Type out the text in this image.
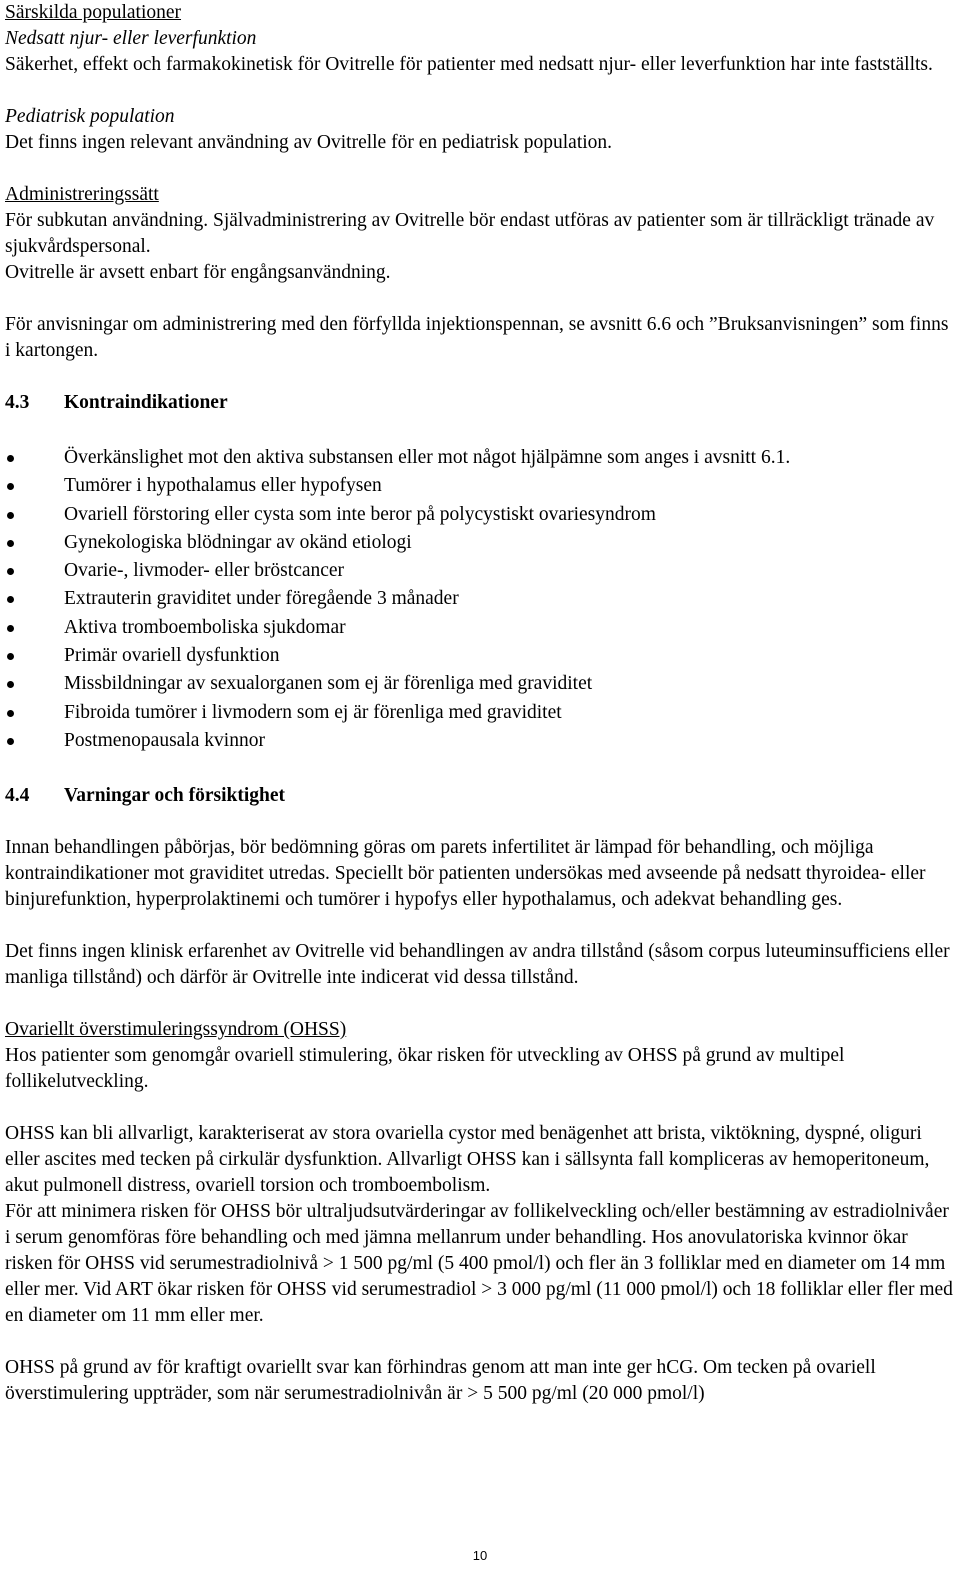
Särskilda populationer

Nedsatt njur- eller leverfunktion

Säkerhet, effekt och farmakokinetisk för Ovitrelle för patienter med nedsatt njur- eller leverfunktion har inte fastställts.

Pediatrisk population

Det finns ingen relevant användning av Ovitrelle för en pediatrisk population.

Administreringssätt

För subkutan användning. Självadministrering av Ovitrelle bör endast utföras av patienter som är tillräckligt tränade av sjukvårdspersonal.

Ovitrelle är avsett enbart för engångsanvändning.

För anvisningar om administrering med den förfyllda injektionspennan, se avsnitt 6.6 och ”Bruksanvisningen” som finns i kartongen.

4.3	Kontraindikationer
Överkänslighet mot den aktiva substansen eller mot något hjälpämne som anges i avsnitt 6.1.
Tumörer i hypothalamus eller hypofysen
Ovariell förstoring eller cysta som inte beror på polycystiskt ovariesyndrom
Gynekologiska blödningar av okänd etiologi
Ovarie-, livmoder- eller bröstcancer
Extrauterin graviditet under föregående 3 månader
Aktiva tromboemboliska sjukdomar
Primär ovariell dysfunktion
Missbildningar av sexualorganen som ej är förenliga med graviditet
Fibroida tumörer i livmodern som ej är förenliga med graviditet
Postmenopausala kvinnor
4.4	Varningar och försiktighet

Innan behandlingen påbörjas, bör bedömning göras om parets infertilitet är lämpad för behandling, och möjliga kontraindikationer mot graviditet utredas. Speciellt bör patienten undersökas med avseende på nedsatt thyroidea- eller binjurefunktion, hyperprolaktinemi och tumörer i hypofys eller hypothalamus, och adekvat behandling ges.

Det finns ingen klinisk erfarenhet av Ovitrelle vid behandlingen av andra tillstånd (såsom corpus luteuminsufficiens eller manliga tillstånd) och därför är Ovitrelle inte indicerat vid dessa tillstånd.

Ovariellt överstimuleringssyndrom (OHSS)

Hos patienter som genomgår ovariell stimulering, ökar risken för utveckling av OHSS på grund av multipel follikelutveckling.

OHSS kan bli allvarligt, karakteriserat av stora ovariella cystor med benägenhet att brista, viktökning, dyspné, oliguri eller ascites med tecken på cirkulär dysfunktion. Allvarligt OHSS kan i sällsynta fall kompliceras av hemoperitoneum, akut pulmonell distress, ovariell torsion och tromboembolism.

För att minimera risken för OHSS bör ultraljudsutvärderingar av follikelveckling och/eller bestämning av estradiolnivåer i serum genomföras före behandling och med jämna mellanrum under behandling. Hos anovulatoriska kvinnor ökar risken för OHSS vid serumestradiolnivå > 1 500 pg/ml (5 400 pmol/l) och fler än 3 folliklar med en diameter om 14 mm eller mer. Vid ART ökar risken för OHSS vid serumestradiol > 3 000 pg/ml (11 000 pmol/l) och 18 folliklar eller fler med en diameter om 11 mm eller mer.

OHSS på grund av för kraftigt ovariellt svar kan förhindras genom att man inte ger hCG. Om tecken på ovariell överstimulering uppträder, som när serumestradiolnivån är > 5 500 pg/ml (20 000 pmol/l)

10
